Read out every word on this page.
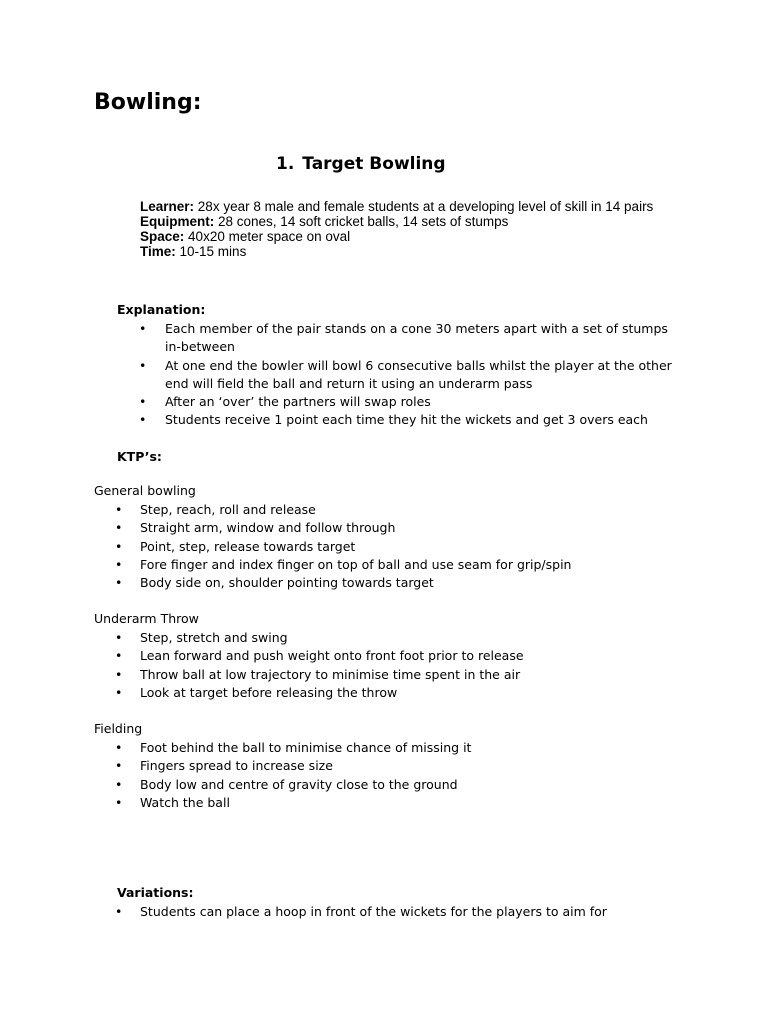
Bowling:
1. Target Bowling
Learner: 28x year 8 male and female students at a developing level of skill in 14 pairs
Equipment: 28 cones, 14 soft cricket balls, 14 sets of stumps
Space: 40x20 meter space on oval
Time: 10-15 mins
Explanation:
• Each member of the pair stands on a cone 30 meters apart with a set of stumps in-between
• At one end the bowler will bowl 6 consecutive balls whilst the player at the other end will field the ball and return it using an underarm pass
• After an ‘over’ the partners will swap roles
• Students receive 1 point each time they hit the wickets and get 3 overs each
KTP’s:
General bowling
• Step, reach, roll and release
• Straight arm, window and follow through
• Point, step, release towards target
• Fore finger and index finger on top of ball and use seam for grip/spin
• Body side on, shoulder pointing towards target
Underarm Throw
• Step, stretch and swing
• Lean forward and push weight onto front foot prior to release
• Throw ball at low trajectory to minimise time spent in the air
• Look at target before releasing the throw
Fielding
• Foot behind the ball to minimise chance of missing it
• Fingers spread to increase size
• Body low and centre of gravity close to the ground
• Watch the ball
Variations:
• Students can place a hoop in front of the wickets for the players to aim for
